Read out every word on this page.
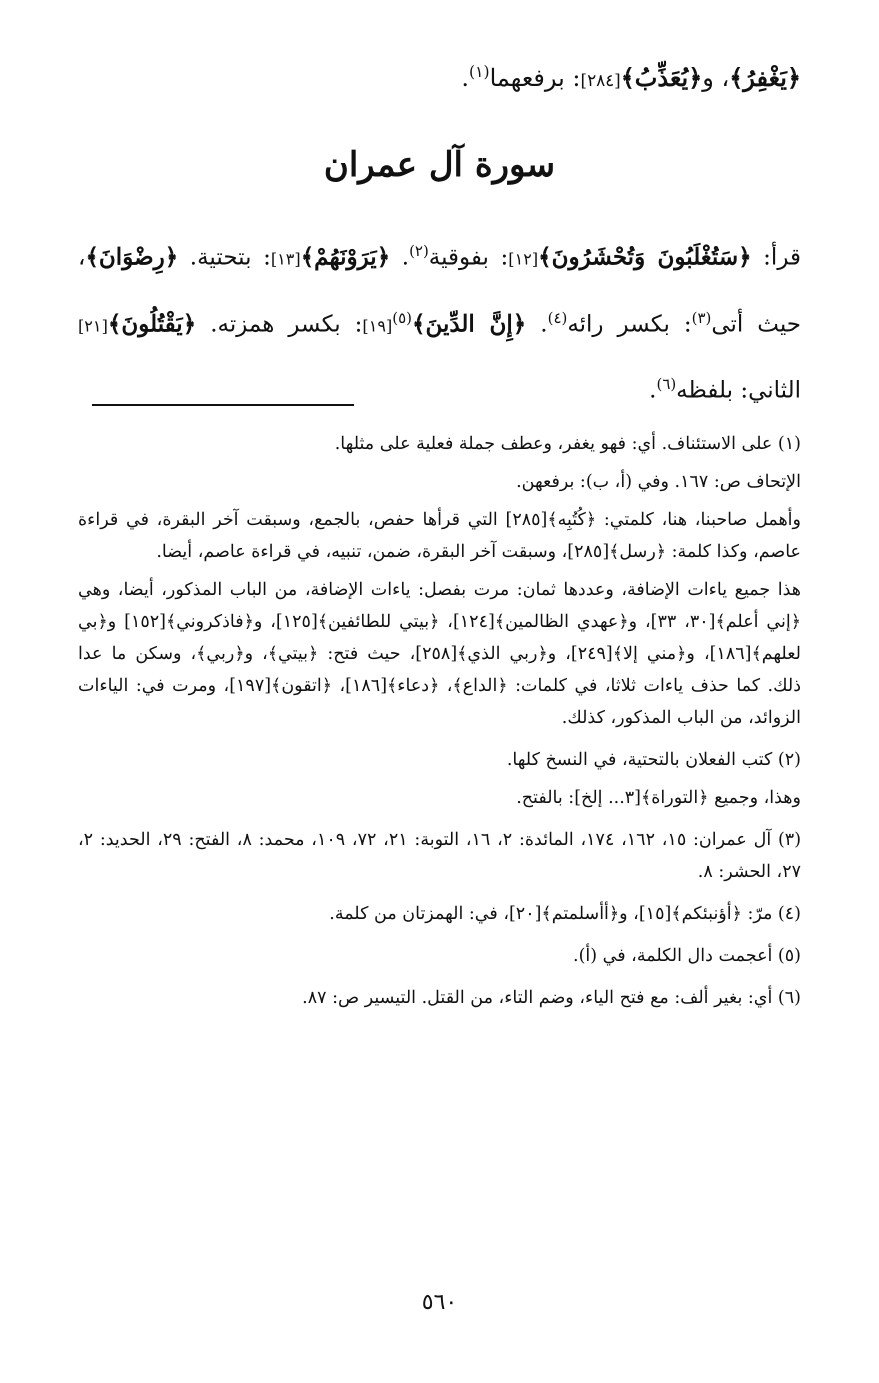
﴿يَغْفِرُ﴾، و﴿يُعَذِّبُ﴾[٢٨٤]: برفعهما$^{(١)}$.
سورة آل عمران
قرأ: ﴿سَتُغْلَبُونَ وَتُحْشَرُونَ﴾[١٢]: بفوقية$^{(٢)}$. ﴿يَرَوْنَهُمْ﴾[١٣]: بتحتية. ﴿رِضْوَانَ﴾، حيث أتى$^{(٣)}$: بكسر رائه$^{(٤)}$. ﴿إِنَّ الدِّينَ﴾$^{(٥)}$[١٩]: بكسر همزته. ﴿يَقْتُلُونَ﴾[٢١] الثاني: بلفظه$^{(٦)}$.

(١) على الاستئناف. أي: فهو يغفر، وعطف جملة فعلية على مثلها.

الإتحاف ص: ١٦٧. وفي (أ، ب): برفعهن.

وأهمل صاحبنا، هنا، كلمتي: ﴿كُتُبِه﴾[٢٨٥] التي قرأها حفص، بالجمع، وسبقت آخر البقرة، في قراءة عاصم، وكذا كلمة: ﴿رسل﴾[٢٨٥]، وسبقت آخر البقرة، ضمن، تنبيه، في قراءة عاصم، أيضا.

هذا جميع ياءات الإضافة، وعددها ثمان: مرت بفصل: ياءات الإضافة، من الباب المذكور، أيضا، وهي ﴿إني أعلم﴾[٣٠، ٣٣]، و﴿عهدي الظالمين﴾[١٢٤]، ﴿بيتي للطائفين﴾[١٢٥]، و﴿فاذكروني﴾[١٥٢] و﴿بي لعلهم﴾[١٨٦]، و﴿مني إلا﴾[٢٤٩]، و﴿ربي الذي﴾[٢٥٨]، حيث فتح: ﴿بيتي﴾، و﴿ربي﴾، وسكن ما عدا ذلك. كما حذف ياءات ثلاثا، في كلمات: ﴿الداع﴾، ﴿دعاء﴾[١٨٦]، ﴿اتقون﴾[١٩٧]، ومرت في: الياءات الزوائد، من الباب المذكور، كذلك.

(٢) كتب الفعلان بالتحتية، في النسخ كلها.

وهذا، وجميع ﴿التوراة﴾[٣... إلخ]: بالفتح.

(٣) آل عمران: ١٥، ١٦٢، ١٧٤، المائدة: ٢، ١٦، التوبة: ٢١، ٧٢، ١٠٩، محمد: ٨، الفتح: ٢٩، الحديد: ٢، ٢٧، الحشر: ٨.

(٤) مرّ: ﴿أؤنبئكم﴾[١٥]، و﴿أأسلمتم﴾[٢٠]، في: الهمزتان من كلمة.

(٥) أعجمت دال الكلمة، في (أ).

(٦) أي: بغير ألف: مع فتح الياء، وضم التاء، من القتل. التيسير ص: ٨٧.

٥٦٠
